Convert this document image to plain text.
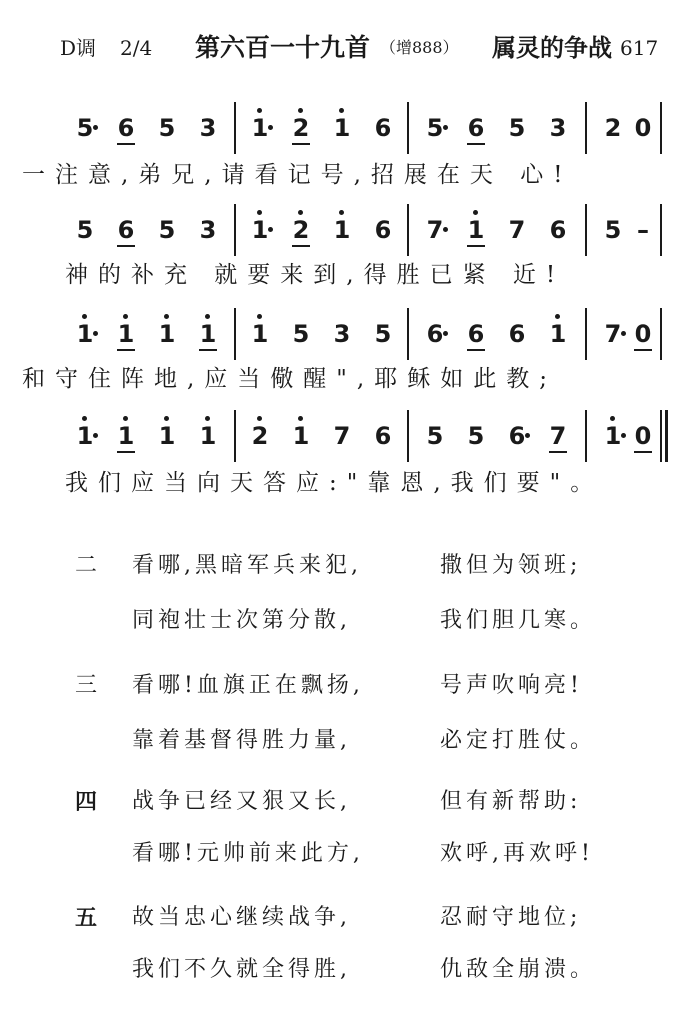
D调 2/4 第六百一十九首 （增888） 属灵的争战 617
5 6 5 3 1 2 1 6 5 6 5 3 2 0
一注意,弟兄,请看记号,招展在天 心!
5 6 5 3 1 2 1 6 7 1 7 6 5 –
神的补充 就要来到,得胜已紧 近!
1 1 1 1 1 5 3 5 6 6 6 1 7 0
和守住阵地,应当儆醒",耶稣如此教;
1 1 1 1 2 1 7 6 5 5 6 7 1 0
我们应当向天答应:"靠恩,我们要"。
二 看哪,黑暗军兵来犯,	撒但为领班;
同袍壮士次第分散,	我们胆几寒。
三 看哪!血旗正在飘扬,	号声吹响亮!
靠着基督得胜力量,	必定打胜仗。
四 战争已经又狠又长,	但有新帮助:
看哪!元帅前来此方,	欢呼,再欢呼!
五 故当忠心继续战争,	忍耐守地位;
我们不久就全得胜,	仇敌全崩溃。
